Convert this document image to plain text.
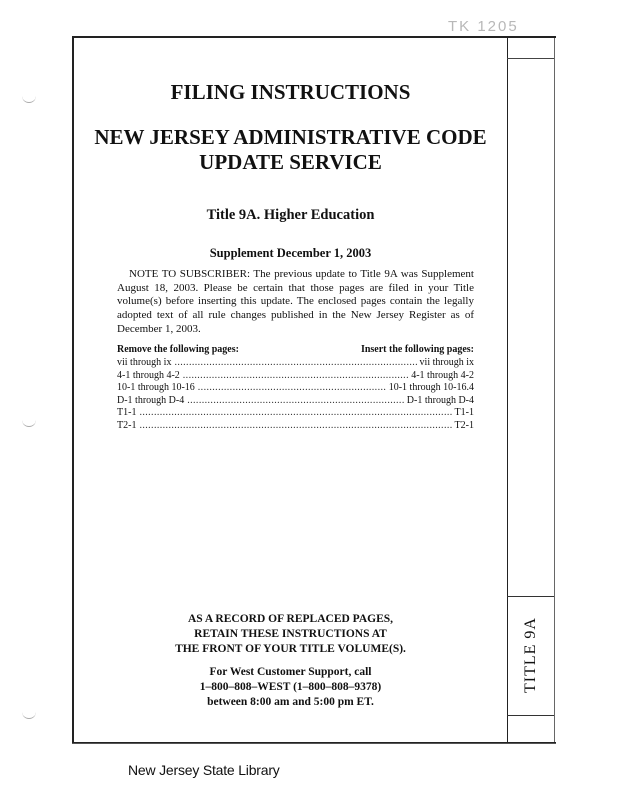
TK 1205
TITLE 9A
FILING INSTRUCTIONS
NEW JERSEY ADMINISTRATIVE CODE
UPDATE SERVICE
Title 9A. Higher Education
Supplement December 1, 2003
NOTE TO SUBSCRIBER: The previous update to Title 9A was Supplement August 18, 2003. Please be certain that those pages are filed in your Title volume(s) before inserting this update. The enclosed pages contain the legally adopted text of all rule changes published in the New Jersey Register as of December 1, 2003.
Remove the following pages:	Insert the following pages:
vii through ix .....	vii through ix
4-1 through 4-2 .....	4-1 through 4-2
10-1 through 10-16 .....	10-1 through 10-16.4
D-1 through D-4 .....	D-1 through D-4
T1-1 .....	T1-1
T2-1 .....	T2-1
AS A RECORD OF REPLACED PAGES,
RETAIN THESE INSTRUCTIONS AT
THE FRONT OF YOUR TITLE VOLUME(S).
For West Customer Support, call
1–800–808–WEST (1–800–808–9378)
between 8:00 am and 5:00 pm ET.
New Jersey State Library
